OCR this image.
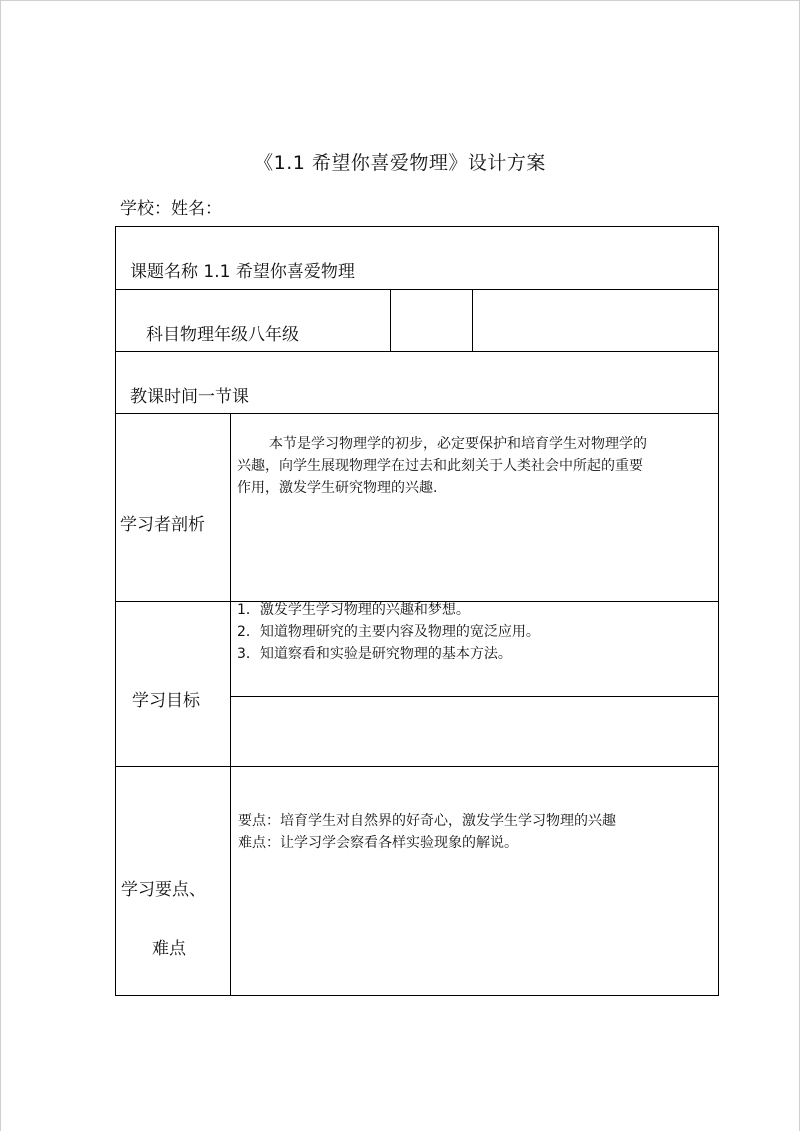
《1.1 希望你喜爱物理》设计方案
学校：姓名：
课题名称 1.1 希望你喜爱物理
科目物理年级八年级
教课时间一节课
学习者剖析
本节是学习物理学的初步，必定要保护和培育学生对物理学的
兴趣，向学生展现物理学在过去和此刻关于人类社会中所起的重要
作用，激发学生研究物理的兴趣.
学习目标
1．激发学生学习物理的兴趣和梦想。
2．知道物理研究的主要内容及物理的宽泛应用。
3．知道察看和实验是研究物理的基本方法。
学习要点、
难点
要点：培育学生对自然界的好奇心，激发学生学习物理的兴趣
难点：让学习学会察看各样实验现象的解说。
